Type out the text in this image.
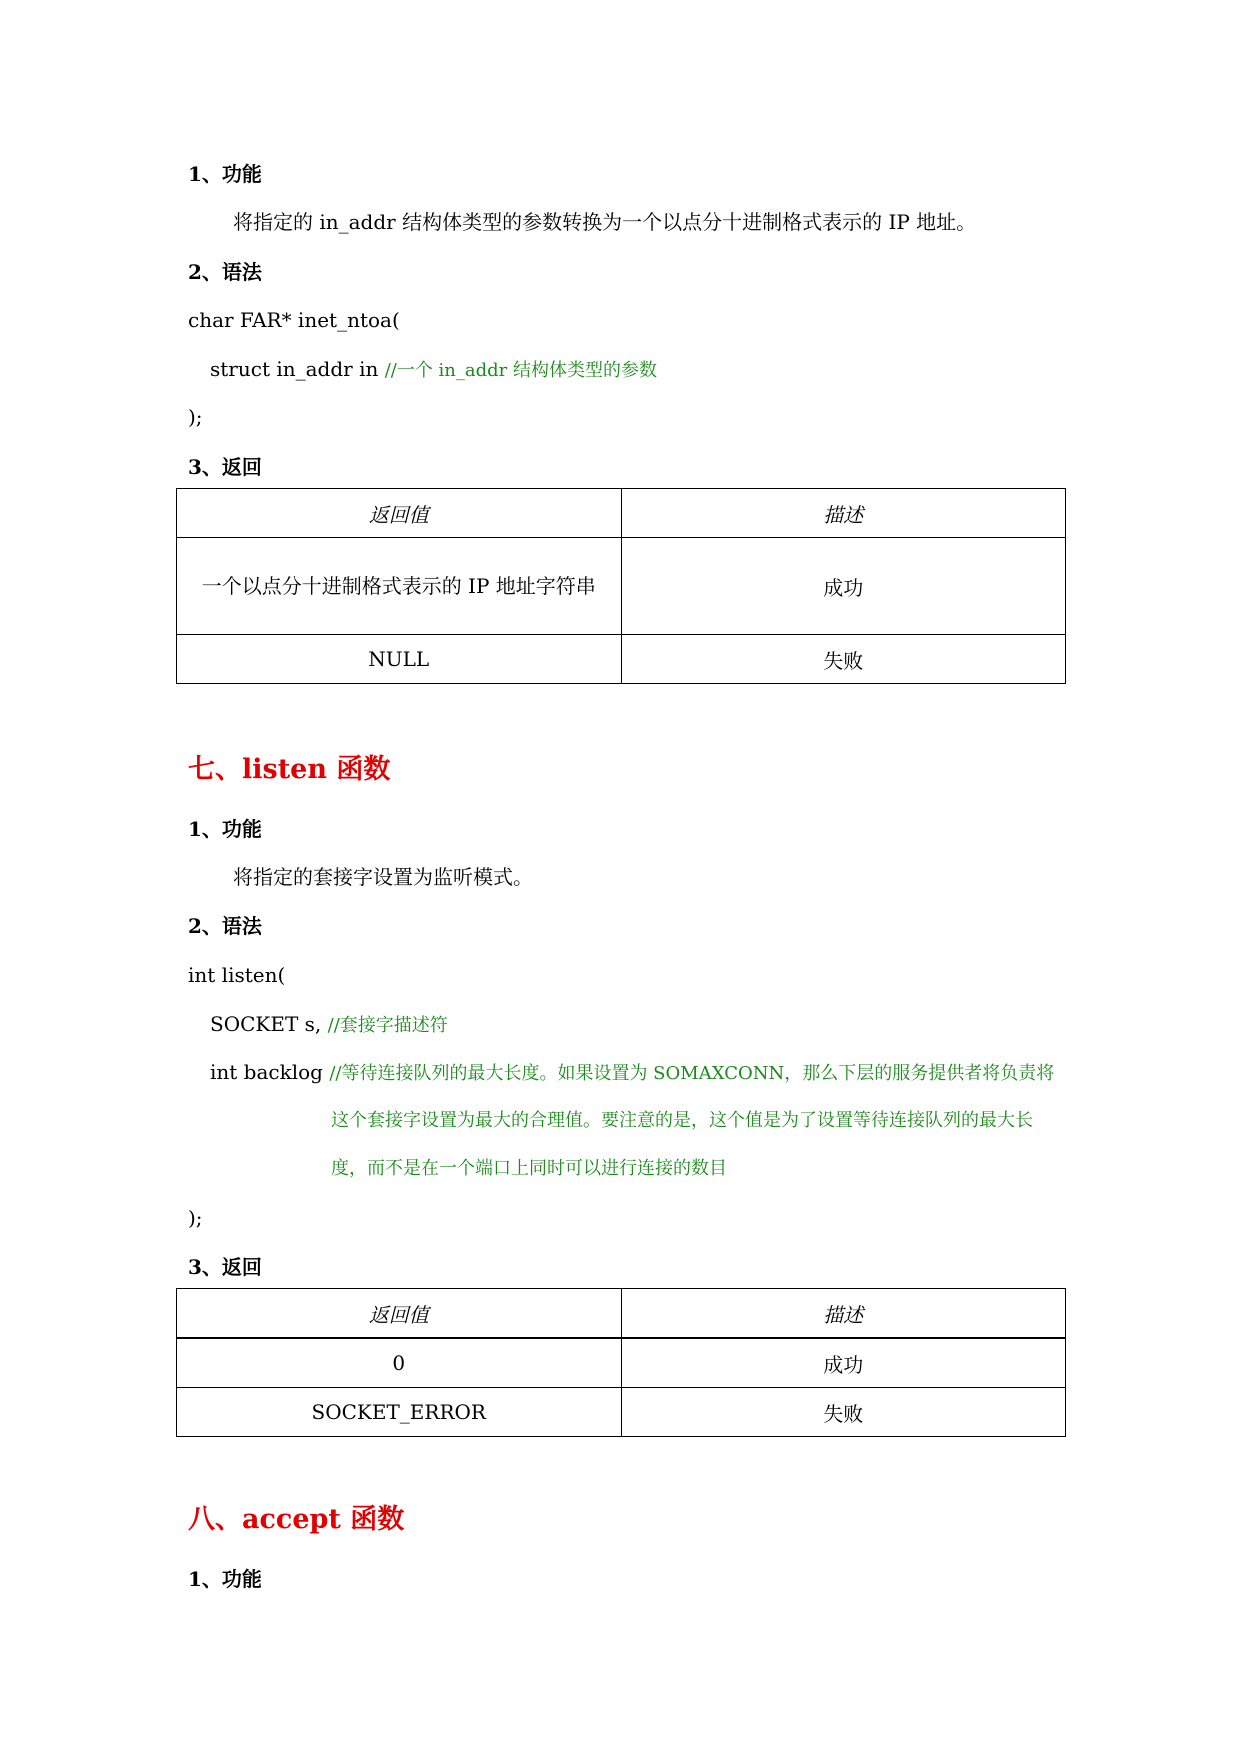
1、功能
将指定的 in_addr 结构体类型的参数转换为一个以点分十进制格式表示的 IP 地址。
2、语法
char FAR* inet_ntoa(
struct in_addr in //一个 in_addr 结构体类型的参数
);
3、返回
返回值	描述
一个以点分十进制格式表示的 IP 地址字符串	成功
NULL	失败
七、listen 函数
1、功能
将指定的套接字设置为监听模式。
2、语法
int listen(
SOCKET s, //套接字描述符
int backlog //等待连接队列的最大长度。如果设置为 SOMAXCONN，那么下层的服务提供者将负责将
这个套接字设置为最大的合理值。要注意的是，这个值是为了设置等待连接队列的最大长
度，而不是在一个端口上同时可以进行连接的数目
);
3、返回
返回值	描述
0	成功
SOCKET_ERROR	失败
八、accept 函数
1、功能
